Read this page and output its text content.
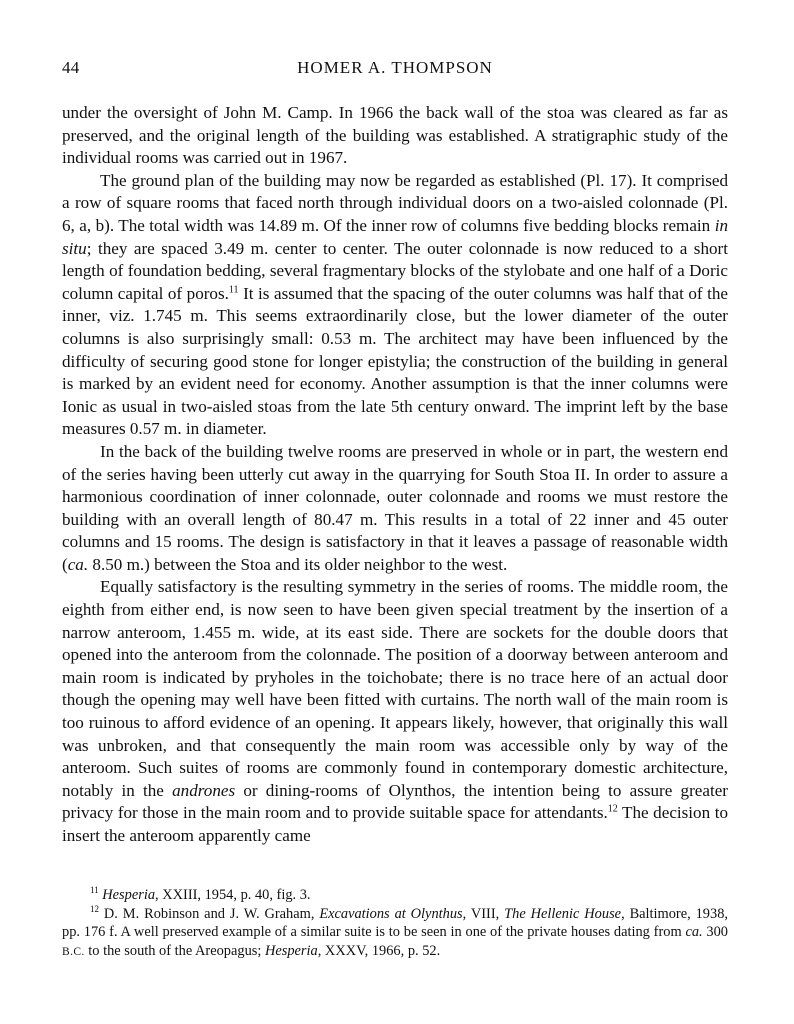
44	HOMER A. THOMPSON

under the oversight of John M. Camp. In 1966 the back wall of the stoa was cleared as far as preserved, and the original length of the building was established. A stratigraphic study of the individual rooms was carried out in 1967.

The ground plan of the building may now be regarded as established (Pl. 17). It comprised a row of square rooms that faced north through individual doors on a two-aisled colonnade (Pl. 6, a, b). The total width was 14.89 m. Of the inner row of columns five bedding blocks remain in situ; they are spaced 3.49 m. center to center. The outer colonnade is now reduced to a short length of foundation bedding, several fragmentary blocks of the stylobate and one half of a Doric column capital of poros.$^{11}$ It is assumed that the spacing of the outer columns was half that of the inner, viz. 1.745 m. This seems extraordinarily close, but the lower diameter of the outer columns is also surprisingly small: 0.53 m. The architect may have been influenced by the difficulty of securing good stone for longer epistylia; the construction of the building in general is marked by an evident need for economy. Another assumption is that the inner columns were Ionic as usual in two-aisled stoas from the late 5th century onward. The imprint left by the base measures 0.57 m. in diameter.

In the back of the building twelve rooms are preserved in whole or in part, the western end of the series having been utterly cut away in the quarrying for South Stoa II. In order to assure a harmonious coordination of inner colonnade, outer colonnade and rooms we must restore the building with an overall length of 80.47 m. This results in a total of 22 inner and 45 outer columns and 15 rooms. The design is satisfactory in that it leaves a passage of reasonable width (ca. 8.50 m.) between the Stoa and its older neighbor to the west.

Equally satisfactory is the resulting symmetry in the series of rooms. The middle room, the eighth from either end, is now seen to have been given special treatment by the insertion of a narrow anteroom, 1.455 m. wide, at its east side. There are sockets for the double doors that opened into the anteroom from the colonnade. The position of a doorway between anteroom and main room is indicated by pryholes in the toichobate; there is no trace here of an actual door though the opening may well have been fitted with curtains. The north wall of the main room is too ruinous to afford evidence of an opening. It appears likely, however, that originally this wall was unbroken, and that consequently the main room was accessible only by way of the anteroom. Such suites of rooms are commonly found in contemporary domestic architecture, notably in the andrones or dining-rooms of Olynthos, the intention being to assure greater privacy for those in the main room and to provide suitable space for attendants.$^{12}$ The decision to insert the anteroom apparently came

$^{11}$ Hesperia, XXIII, 1954, p. 40, fig. 3.

$^{12}$ D. M. Robinson and J. W. Graham, Excavations at Olynthus, VIII, The Hellenic House, Baltimore, 1938, pp. 176 f. A well preserved example of a similar suite is to be seen in one of the private houses dating from ca. 300 B.C. to the south of the Areopagus; Hesperia, XXXV, 1966, p. 52.
